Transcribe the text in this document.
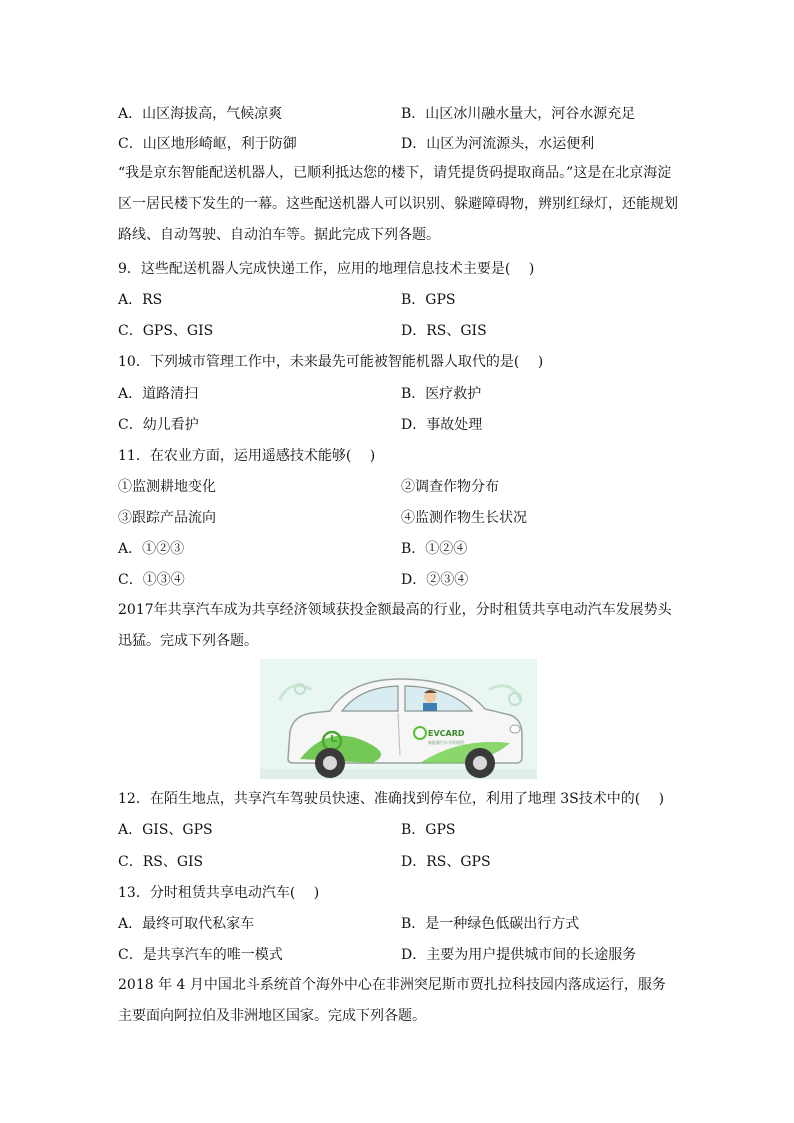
A．山区海拔高，气候凉爽	B．山区冰川融水量大，河谷水源充足
C．山区地形崎岖，利于防御	D．山区为河流源头，水运便利
“我是京东智能配送机器人，已顺利抵达您的楼下，请凭提货码提取商品。”这是在北京海淀区一居民楼下发生的一幕。这些配送机器人可以识别、躲避障碍物，辨别红绿灯，还能规划路线、自动驾驶、自动泊车等。据此完成下列各题。
9．这些配送机器人完成快递工作，应用的地理信息技术主要是(　 )
A．RS	B．GPS
C．GPS、GIS	D．RS、GIS
10．下列城市管理工作中，未来最先可能被智能机器人取代的是(　 )
A．道路清扫	B．医疗救护
C．幼儿看护	D．事故处理
11．在农业方面，运用遥感技术能够(　 )
①监测耕地变化	②调查作物分布
③跟踪产品流向	④监测作物生长状况
A．①②③	B．①②④
C．①③④	D．②③④
2017年共享汽车成为共享经济领域获投金额最高的行业，分时租赁共享电动汽车发展势头迅猛。完成下列各题。
EVCARD
新能源汽车分时租赁
12．在陌生地点，共享汽车驾驶员快速、准确找到停车位，利用了地理 3S技术中的(　 )
A．GIS、GPS	B．GPS
C．RS、GIS	D．RS、GPS
13．分时租赁共享电动汽车(　 )
A．最终可取代私家车	B．是一种绿色低碳出行方式
C．是共享汽车的唯一模式	D．主要为用户提供城市间的长途服务
2018 年 4 月中国北斗系统首个海外中心在非洲突尼斯市贾扎拉科技园内落成运行，服务主要面向阿拉伯及非洲地区国家。完成下列各题。
